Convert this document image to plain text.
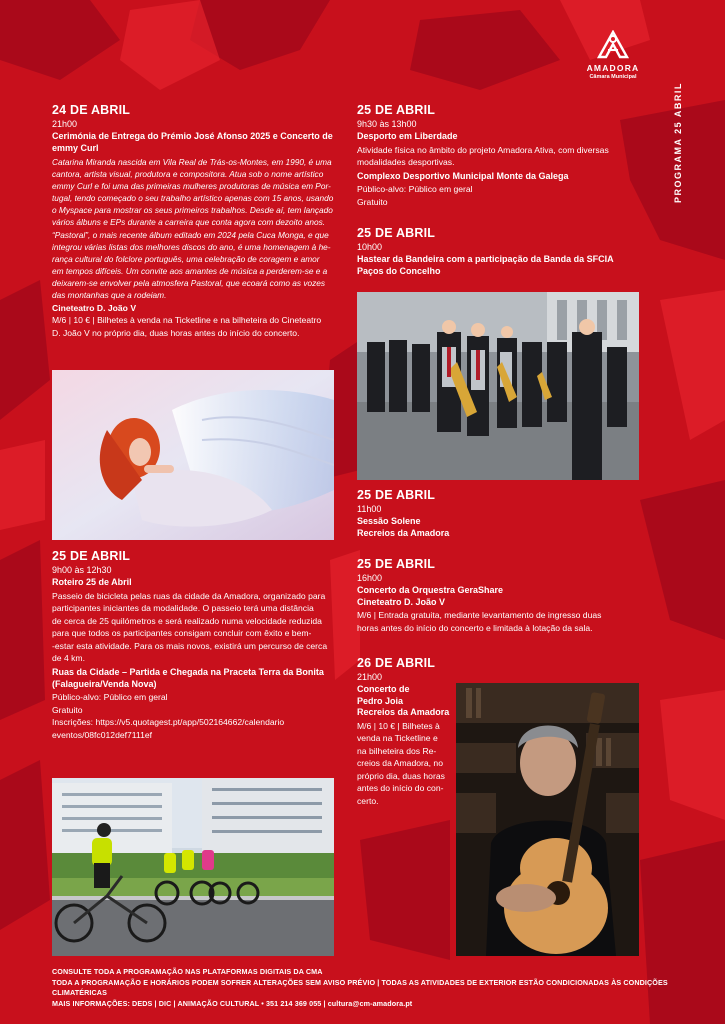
AMADORA
Câmara Municipal
PROGRAMA 25 ABRIL
24 DE ABRIL
21h00
Cerimónia de Entrega do Prémio José Afonso 2025 e Concerto de
emmy Curl
Catarina Miranda nascida em Vila Real de Trás-os-Montes, em 1990, é uma
cantora, artista visual, produtora e compositora. Atua sob o nome artístico
emmy Curl e foi uma das primeiras mulheres produtoras de música em Por-
tugal, tendo começado o seu trabalho artístico apenas com 15 anos, usando
o Myspace para mostrar os seus primeiros trabalhos. Desde aí, tem lançado
vários álbuns e EPs durante a carreira que conta agora com dezoito anos.
“Pastoral”, o mais recente álbum editado em 2024 pela Cuca Monga, e que
integrou várias listas dos melhores discos do ano, é uma homenagem à he-
rança cultural do folclore português, uma celebração de coragem e amor
em tempos difíceis. Um convite aos amantes de música a perderem-se e a
deixarem-se envolver pela atmosfera Pastoral, que ecoará como as vozes
das montanhas que a rodeiam.
Cineteatro D. João V
M/6 | 10 € | Bilhetes à venda na Ticketline e na bilheteira do Cineteatro
D. João V no próprio dia, duas horas antes do início do concerto.
25 DE ABRIL
9h00 às 12h30
Roteiro 25 de Abril
Passeio de bicicleta pelas ruas da cidade da Amadora, organizado para
participantes iniciantes da modalidade. O passeio terá uma distância
de cerca de 25 quilómetros e será realizado numa velocidade reduzida
para que todos os participantes consigam concluir com êxito e bem-
-estar esta atividade. Para os mais novos, existirá um percurso de cerca
de 4 km.
Ruas da Cidade – Partida e Chegada na Praceta Terra da Bonita
(Falagueira/Venda Nova)
Público-alvo: Público em geral
Gratuito
Inscrições: https://v5.quotagest.pt/app/502164662/calendario
eventos/08fc012def7111ef
25 DE ABRIL
9h30 às 13h00
Desporto em Liberdade
Atividade física no âmbito do projeto Amadora Ativa, com diversas
modalidades desportivas.
Complexo Desportivo Municipal Monte da Galega
Público-alvo: Público em geral
Gratuito
25 DE ABRIL
10h00
Hastear da Bandeira com a participação da Banda da SFCIA
Paços do Concelho
25 DE ABRIL
11h00
Sessão Solene
Recreios da Amadora
25 DE ABRIL
16h00
Concerto da Orquestra GeraShare
Cineteatro D. João V
M/6 | Entrada gratuita, mediante levantamento de ingresso duas
horas antes do início do concerto e limitada à lotação da sala.
26 DE ABRIL
21h00
Concerto de
Pedro Joia
Recreios da Amadora
M/6 | 10 € | Bilhetes à
venda na Ticketline e
na bilheteira dos Re-
creios da Amadora, no
próprio dia, duas horas
antes do início do con-
certo.
CONSULTE TODA A PROGRAMAÇÃO NAS PLATAFORMAS DIGITAIS DA CMA
TODA A PROGRAMAÇÃO E HORÁRIOS PODEM SOFRER ALTERAÇÕES SEM AVISO PRÉVIO | TODAS AS ATIVIDADES DE EXTERIOR ESTÃO CONDICIONADAS ÀS CONDIÇÕES CLIMATÉRICAS
MAIS INFORMAÇÕES: DEDS | DIC | ANIMAÇÃO CULTURAL • 351 214 369 055 | cultura@cm-amadora.pt
